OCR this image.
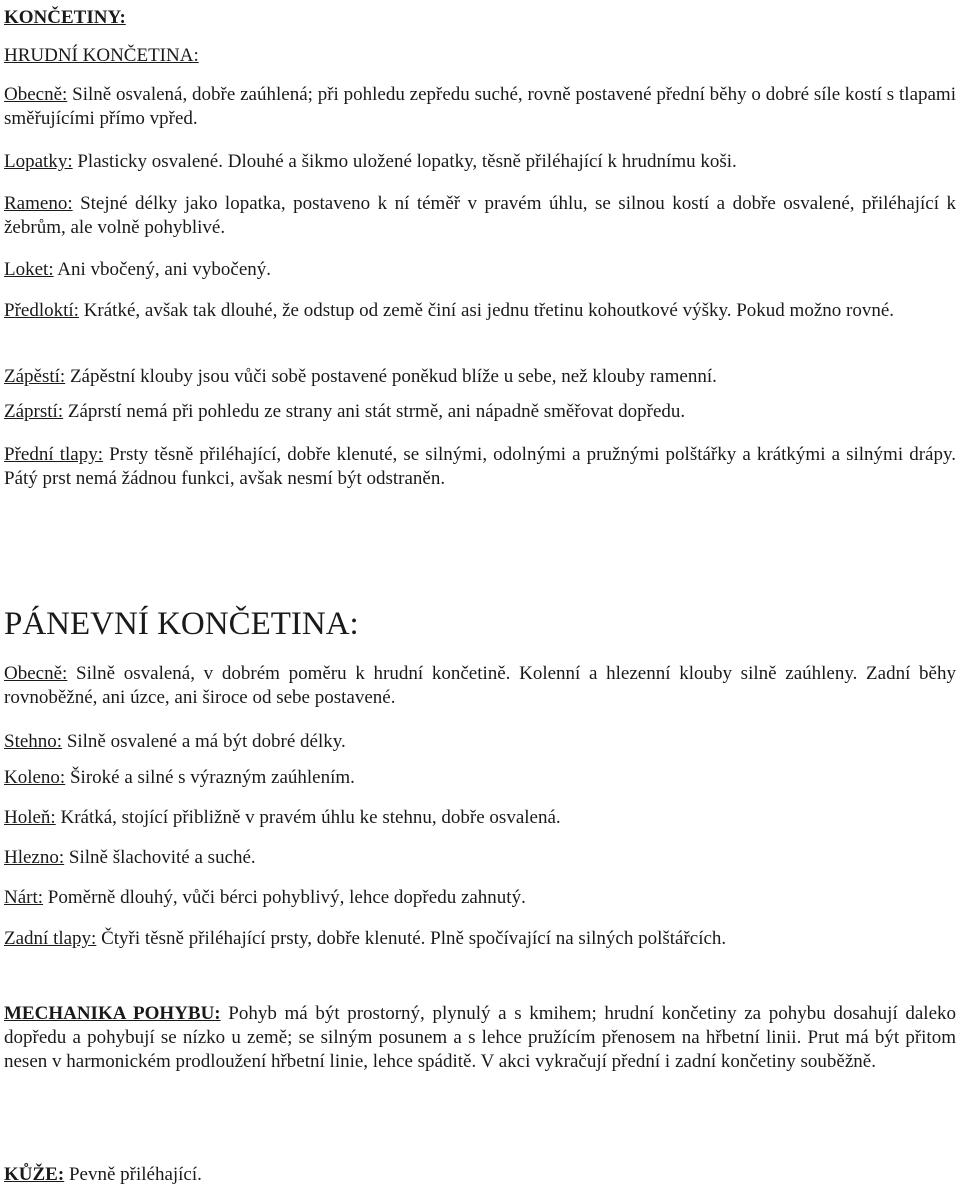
KONČETINY:
HRUDNÍ KONČETINA:
Obecně: Silně osvalená, dobře zaúhlená; při pohledu zepředu suché, rovně postavené přední běhy o dobré síle kostí s tlapami směřujícími přímo vpřed.
Lopatky: Plasticky osvalené. Dlouhé a šikmo uložené lopatky, těsně přiléhající k hrudnímu koši.
Rameno: Stejné délky jako lopatka, postaveno k ní téměř v pravém úhlu, se silnou kostí a dobře osvalené, přiléhající k žebrům, ale volně pohyblivé.
Loket: Ani vbočený, ani vybočený.
Předloktí: Krátké, avšak tak dlouhé, že odstup od země činí asi jednu třetinu kohoutkové výšky. Pokud možno rovné.
Zápěstí: Zápěstní klouby jsou vůči sobě postavené poněkud blíže u sebe, než klouby ramenní.
Záprstí: Záprstí nemá při pohledu ze strany ani stát strmě, ani nápadně směřovat dopředu.
Přední tlapy: Prsty těsně přiléhající, dobře klenuté, se silnými, odolnými a pružnými polštářky a krátkými a silnými drápy. Pátý prst nemá žádnou funkci, avšak nesmí být odstraněn.
PÁNEVNÍ KONČETINA:
Obecně: Silně osvalená, v dobrém poměru k hrudní končetině. Kolenní a hlezenní klouby silně zaúhleny. Zadní běhy rovnoběžné, ani úzce, ani široce od sebe postavené.
Stehno: Silně osvalené a má být dobré délky.
Koleno: Široké a silné s výrazným zaúhlením.
Holeň: Krátká, stojící přibližně v pravém úhlu ke stehnu, dobře osvalená.
Hlezno: Silně šlachovité a suché.
Nárt: Poměrně dlouhý, vůči bérci pohyblivý, lehce dopředu zahnutý.
Zadní tlapy: Čtyři těsně přiléhající prsty, dobře klenuté. Plně spočívající na silných polštářcích.
MECHANIKA POHYBU: Pohyb má být prostorný, plynulý a s kmihem; hrudní končetiny za pohybu dosahují daleko dopředu a pohybují se nízko u země; se silným posunem a s lehce pružícím přenosem na hřbetní linii. Prut má být přitom nesen v harmonickém prodloužení hřbetní linie, lehce spáditě. V akci vykračují přední i zadní končetiny souběžně.
KŮŽE: Pevně přiléhající.
